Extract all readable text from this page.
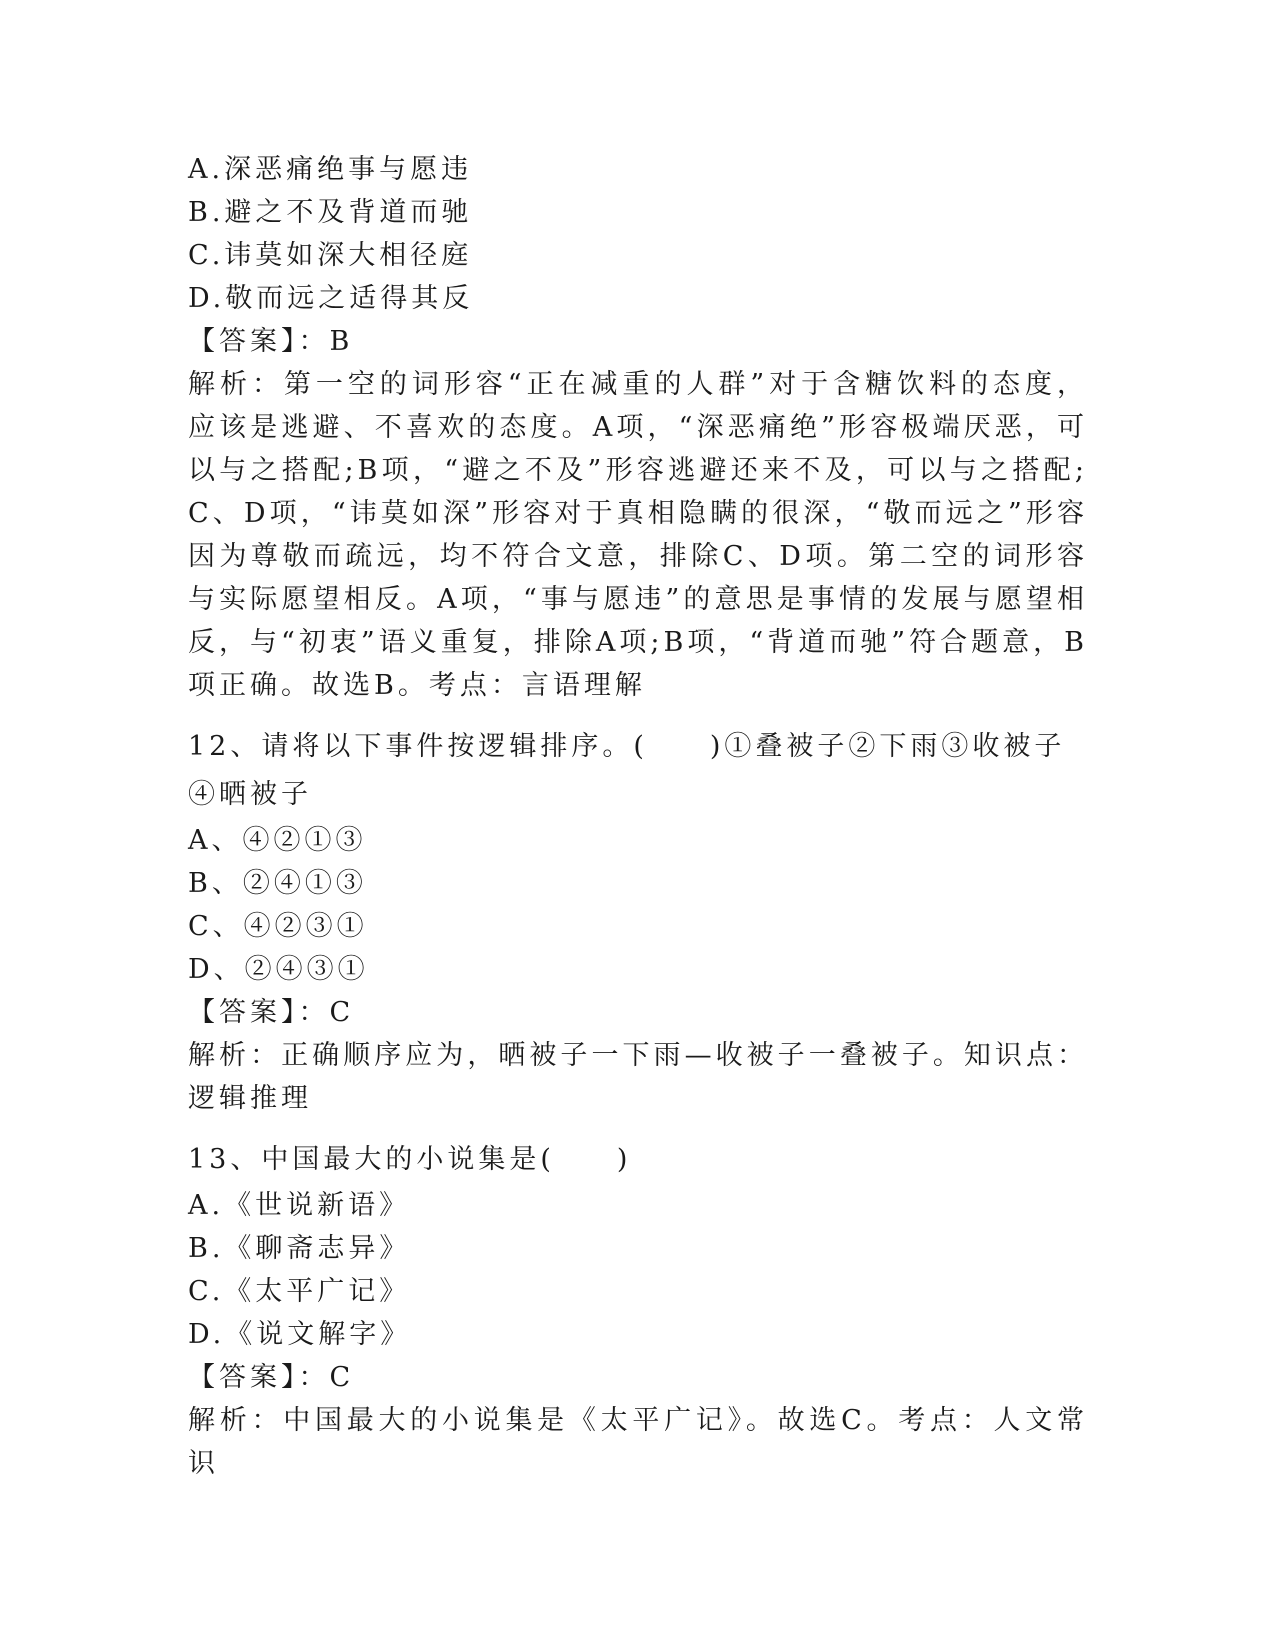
A.深恶痛绝事与愿违
B.避之不及背道而驰
C.讳莫如深大相径庭
D.敬而远之适得其反
【答案】：B
解析：第一空的词形容“正在减重的人群”对于含糖饮料的态度，应该是逃避、不喜欢的态度。A项，“深恶痛绝”形容极端厌恶，可以与之搭配;B项，“避之不及”形容逃避还来不及，可以与之搭配;C、D项，“讳莫如深”形容对于真相隐瞒的很深，“敬而远之”形容因为尊敬而疏远，均不符合文意，排除C、D项。第二空的词形容与实际愿望相反。A项，“事与愿违”的意思是事情的发展与愿望相反，与“初衷”语义重复，排除A项;B项，“背道而驰”符合题意，B项正确。故选B。考点：言语理解
12、请将以下事件按逻辑排序。(　　)①叠被子②下雨③收被子④晒被子
A、④②①③
B、②④①③
C、④②③①
D、②④③①
【答案】：C
解析：正确顺序应为，晒被子一下雨—收被子一叠被子。知识点：逻辑推理
13、中国最大的小说集是(　　)
A.《世说新语》
B.《聊斋志异》
C.《太平广记》
D.《说文解字》
【答案】：C
解析：中国最大的小说集是《太平广记》。故选C。考点：人文常识
